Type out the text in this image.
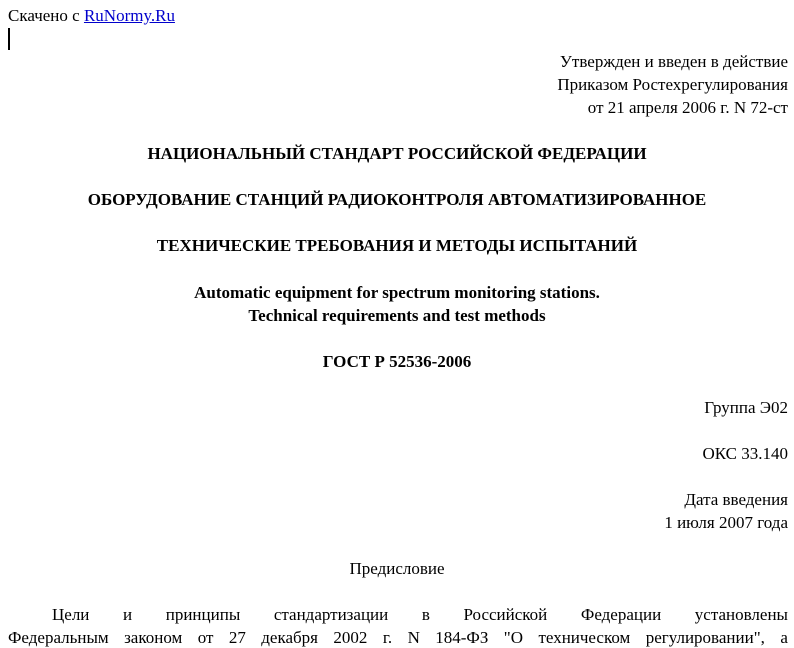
Скачено с RuNormy.Ru
Утвержден и введен в действие
Приказом Ростехрегулирования
от 21 апреля 2006 г. N 72-ст
НАЦИОНАЛЬНЫЙ СТАНДАРТ РОССИЙСКОЙ ФЕДЕРАЦИИ
ОБОРУДОВАНИЕ СТАНЦИЙ РАДИОКОНТРОЛЯ АВТОМАТИЗИРОВАННОЕ
ТЕХНИЧЕСКИЕ ТРЕБОВАНИЯ И МЕТОДЫ ИСПЫТАНИЙ
Automatic equipment for spectrum monitoring stations.
Technical requirements and test methods
ГОСТ Р 52536-2006
Группа Э02
ОКС 33.140
Дата введения
1 июля 2007 года
Предисловие
Цели и принципы стандартизации в Российской Федерации установлены
Федеральным законом от 27 декабря 2002 г. N 184-ФЗ "О техническом регулировании", а
